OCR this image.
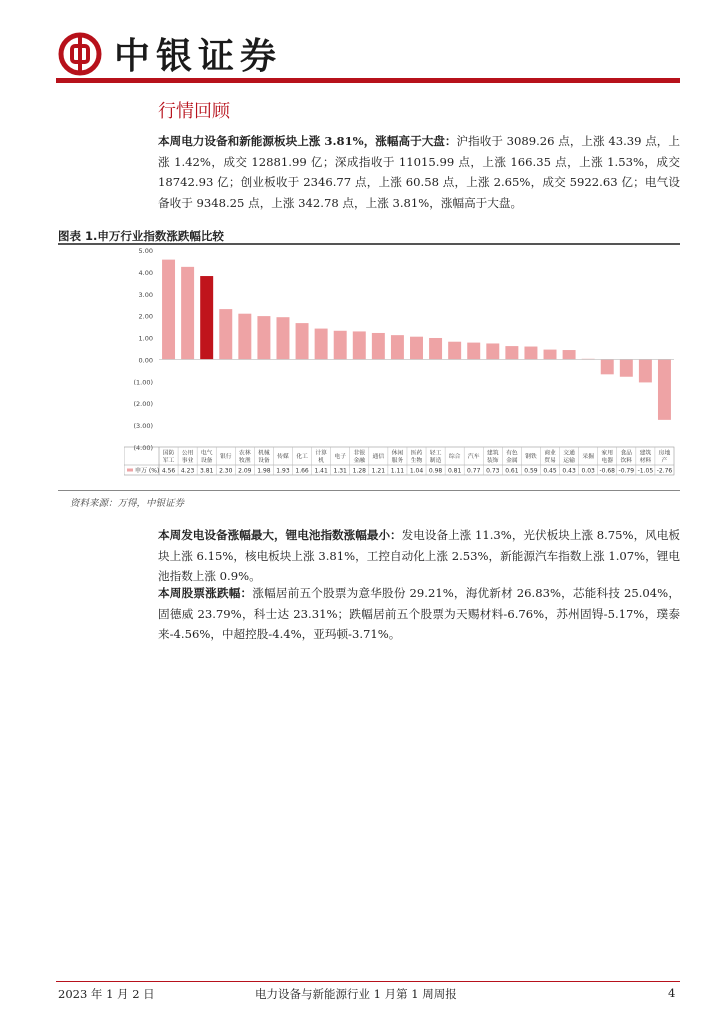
中银证券
行情回顾
本周电力设备和新能源板块上涨 3.81%，涨幅高于大盘：沪指收于 3089.26 点，上涨 43.39 点，上涨 1.42%，成交 12881.99 亿；深成指收于 11015.99 点，上涨 166.35 点，上涨 1.53%，成交 18742.93 亿；创业板收于 2346.77 点，上涨 60.58 点，上涨 2.65%，成交 5922.63 亿；电气设备收于 9348.25 点，上涨 342.78 点，上涨 3.81%，涨幅高于大盘。
图表 1.申万行业指数涨跌幅比较
5.00
4.00
3.00
2.00
1.00
0.00
(1.00)
(2.00)
(3.00)
(4.00)
国防军工
公用事业
电气设备
银行
农林牧渔
机械设备
传媒 化工
计算机
电子
非银金融
通信
休闲服务
医药生物
轻工制造
综合 汽车
建筑装饰
有色金属
钢铁
商业贸易
交通运输
采掘
家用电器
食品饮料
建筑材料
房地产
申万 (%) 4.56 4.23 3.81 2.30 2.09 1.98 1.93 1.66 1.41 1.31 1.28 1.21 1.11 1.04 0.98 0.81 0.77 0.73 0.61 0.59 0.45 0.43 0.03 -0.68 -0.79 -1.05 -2.76
资料来源：万得，中银证券
本周发电设备涨幅最大，锂电池指数涨幅最小：发电设备上涨 11.3%，光伏板块上涨 8.75%，风电板块上涨 6.15%，核电板块上涨 3.81%，工控自动化上涨 2.53%，新能源汽车指数上涨 1.07%，锂电池指数上涨 0.9%。
本周股票涨跌幅：涨幅居前五个股票为意华股份 29.21%，海优新材 26.83%，芯能科技 25.04%，固德威 23.79%，科士达 23.31%；跌幅居前五个股票为天赐材料-6.76%，苏州固锝-5.17%，璞泰来-4.56%，中超控股-4.4%，亚玛顿-3.71%。
2023 年 1 月 2 日	电力设备与新能源行业 1 月第 1 周周报	4
